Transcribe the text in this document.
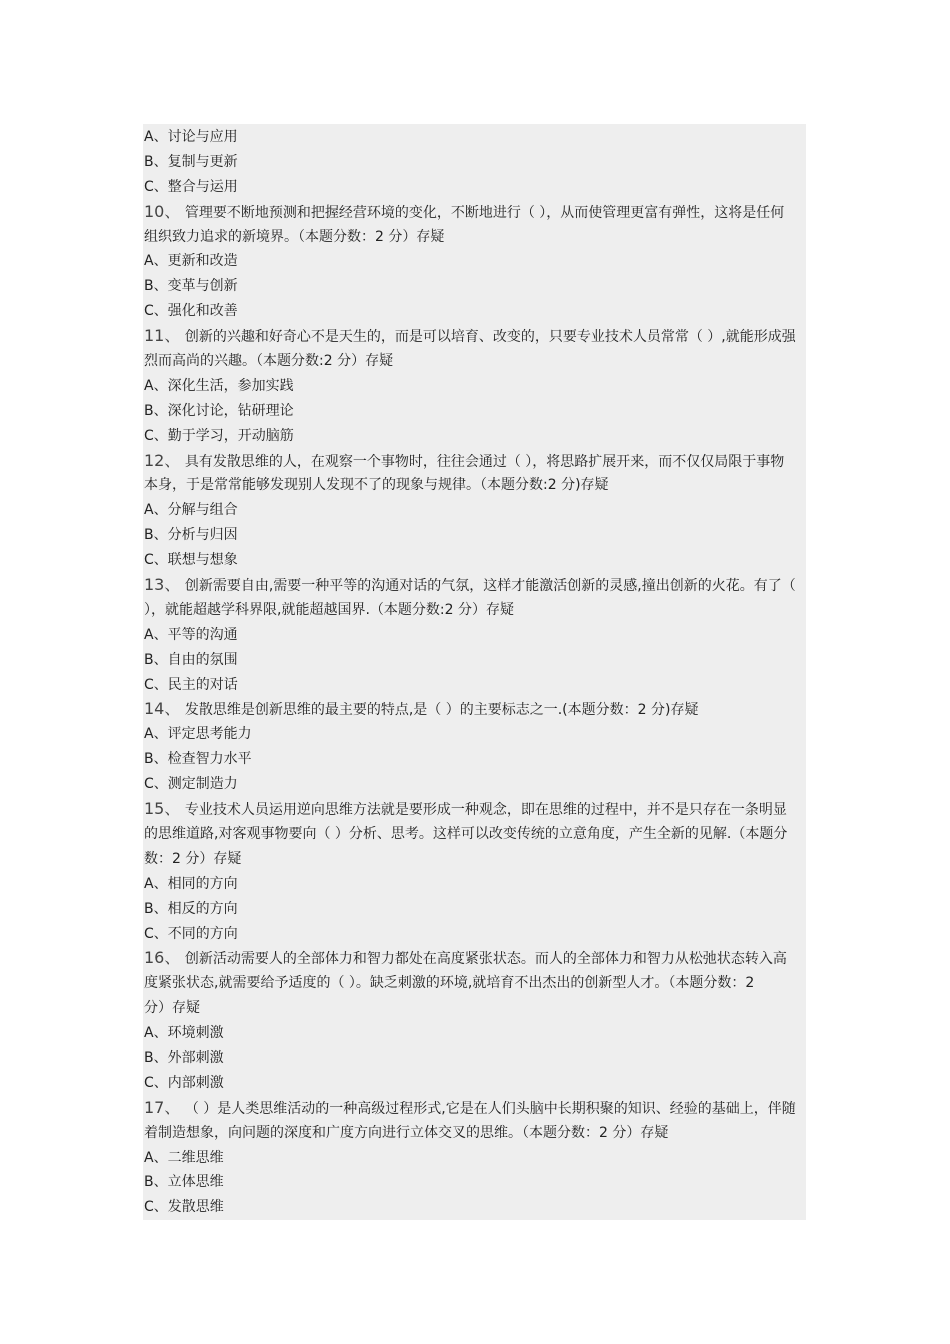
A、讨论与应用
B、复制与更新
C、整合与运用
10、 管理要不断地预测和把握经营环境的变化，不断地进行（ ），从而使管理更富有弹性，这将是任何
组织致力追求的新境界。（本题分数：2 分）存疑
A、更新和改造
B、变革与创新
C、强化和改善
11、 创新的兴趣和好奇心不是天生的，而是可以培育、改变的，只要专业技术人员常常（ ）,就能形成强
烈而高尚的兴趣。（本题分数:2 分）存疑
A、深化生活，参加实践
B、深化讨论，钻研理论
C、勤于学习，开动脑筋
12、 具有发散思维的人，在观察一个事物时，往往会通过（ ），将思路扩展开来，而不仅仅局限于事物
本身，于是常常能够发现别人发现不了的现象与规律。（本题分数:2 分)存疑
A、分解与组合
B、分析与归因
C、联想与想象
13、 创新需要自由,需要一种平等的沟通对话的气氛，这样才能激活创新的灵感,撞出创新的火花。有了（
），就能超越学科界限,就能超越国界.（本题分数:2 分）存疑
A、平等的沟通
B、自由的氛围
C、民主的对话
14、 发散思维是创新思维的最主要的特点,是（ ）的主要标志之一.(本题分数：2 分)存疑
A、评定思考能力
B、检查智力水平
C、测定制造力
15、 专业技术人员运用逆向思维方法就是要形成一种观念，即在思维的过程中，并不是只存在一条明显
的思维道路,对客观事物要向（ ）分析、思考。这样可以改变传统的立意角度，产生全新的见解.（本题分
数：2 分）存疑
A、相同的方向
B、相反的方向
C、不同的方向
16、 创新活动需要人的全部体力和智力都处在高度紧张状态。而人的全部体力和智力从松弛状态转入高
度紧张状态,就需要给予适度的（ ）。缺乏刺激的环境,就培育不出杰出的创新型人才。（本题分数：2
分）存疑
A、环境刺激
B、外部刺激
C、内部刺激
17、 （ ）是人类思维活动的一种高级过程形式,它是在人们头脑中长期积聚的知识、经验的基础上，伴随
着制造想象，向问题的深度和广度方向进行立体交叉的思维。（本题分数：2 分）存疑
A、二维思维
B、立体思维
C、发散思维
